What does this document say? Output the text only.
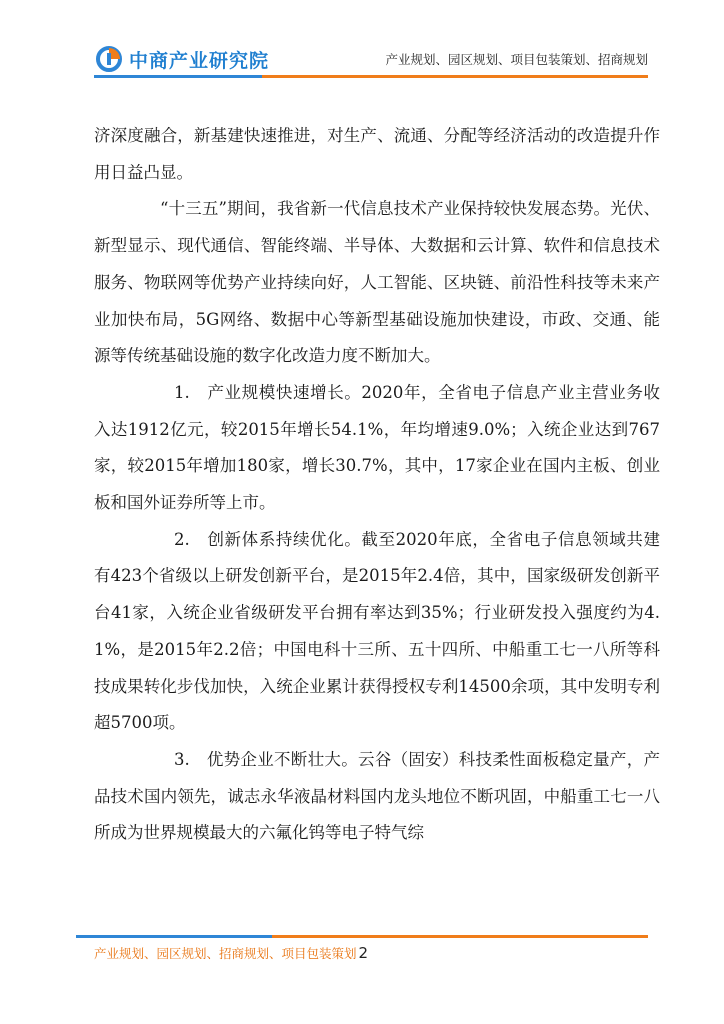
中商产业研究院	产业规划、园区规划、项目包装策划、招商规划

济深度融合，新基建快速推进，对生产、流通、分配等经济活动的改造提升作用日益凸显。

“十三五”期间，我省新一代信息技术产业保持较快发展态势。光伏、新型显示、现代通信、智能终端、半导体、大数据和云计算、软件和信息技术服务、物联网等优势产业持续向好，人工智能、区块链、前沿性科技等未来产业加快布局，5G网络、数据中心等新型基础设施加快建设，市政、交通、能源等传统基础设施的数字化改造力度不断加大。

1.　产业规模快速增长。2020年，全省电子信息产业主营业务收入达1912亿元，较2015年增长54.1%，年均增速9.0%；入统企业达到767家，较2015年增加180家，增长30.7%，其中，17家企业在国内主板、创业板和国外证券所等上市。

2.　创新体系持续优化。截至2020年底，全省电子信息领域共建有423个省级以上研发创新平台，是2015年2.4倍，其中，国家级研发创新平台41家，入统企业省级研发平台拥有率达到35%；行业研发投入强度约为4.1%，是2015年2.2倍；中国电科十三所、五十四所、中船重工七一八所等科技成果转化步伐加快，入统企业累计获得授权专利14500余项，其中发明专利超5700项。

3.　优势企业不断壮大。云谷（固安）科技柔性面板稳定量产，产品技术国内领先，诚志永华液晶材料国内龙头地位不断巩固，中船重工七一八所成为世界规模最大的六氟化钨等电子特气综

产业规划、园区规划、招商规划、项目包装策划 2
